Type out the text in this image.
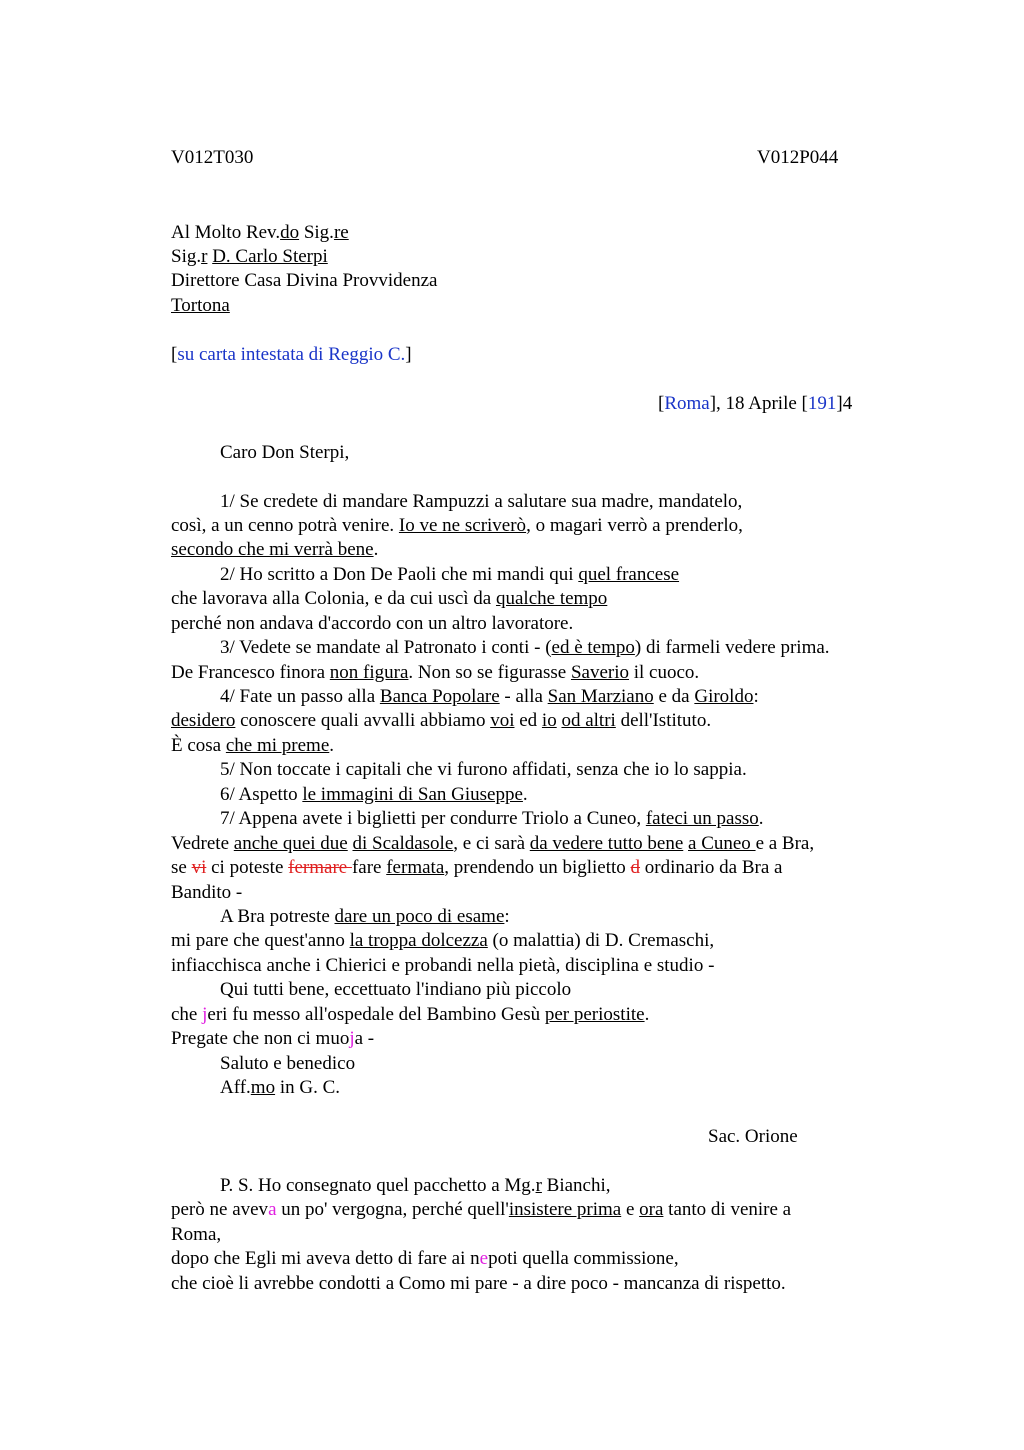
V012T030	V012P044
Al Molto Rev.do Sig.re
Sig.r D. Carlo Sterpi
Direttore Casa Divina Provvidenza
Tortona
[su carta intestata di Reggio C.]
[Roma], 18 Aprile [191]4
Caro Don Sterpi,
1/ Se credete di mandare Rampuzzi a salutare sua madre, mandatelo,
così, a un cenno potrà venire. Io ve ne scriverò, o magari verrò a prenderlo,
secondo che mi verrà bene.
2/ Ho scritto a Don De Paoli che mi mandi qui quel francese
che lavorava alla Colonia, e da cui uscì da qualche tempo
perché non andava d'accordo con un altro lavoratore.
3/ Vedete se mandate al Patronato i conti - (ed è tempo) di farmeli vedere prima.
De Francesco finora non figura. Non so se figurasse Saverio il cuoco.
4/ Fate un passo alla Banca Popolare - alla San Marziano e da Giroldo:
desidero conoscere quali avvalli abbiamo voi ed io od altri dell'Istituto.
È cosa che mi preme.
5/ Non toccate i capitali che vi furono affidati, senza che io lo sappia.
6/ Aspetto le immagini di San Giuseppe.
7/ Appena avete i biglietti per condurre Triolo a Cuneo, fateci un passo.
Vedrete anche quei due di Scaldasole, e ci sarà da vedere tutto bene a Cuneo e a Bra,
se vi ci poteste fermare fare fermata, prendendo un biglietto d ordinario da Bra a
Bandito -
A Bra potreste dare un poco di esame:
mi pare che quest'anno la troppa dolcezza (o malattia) di D. Cremaschi,
infiacchisca anche i Chierici e probandi nella pietà, disciplina e studio -
Qui tutti bene, eccettuato l'indiano più piccolo
che jeri fu messo all'ospedale del Bambino Gesù per periostite.
Pregate che non ci muoja -
Saluto e benedico
Aff.mo in G. C.
Sac. Orione
P. S. Ho consegnato quel pacchetto a Mg.r Bianchi,
però ne aveva un po' vergogna, perché quell'insistere prima e ora tanto di venire a
Roma,
dopo che Egli mi aveva detto di fare ai nepoti quella commissione,
che cioè li avrebbe condotti a Como mi pare - a dire poco - mancanza di rispetto.
